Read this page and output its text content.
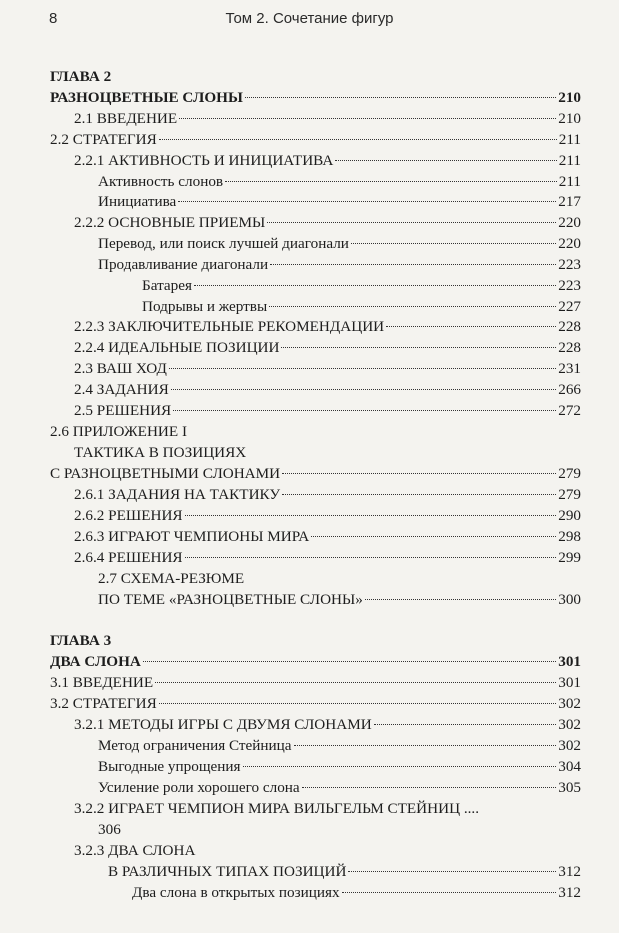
8	Том 2. Сочетание фигур
ГЛАВА 2
РАЗНОЦВЕТНЫЕ СЛОНЫ	210
2.1 ВВЕДЕНИЕ	210
2.2 СТРАТЕГИЯ	211
2.2.1 АКТИВНОСТЬ И ИНИЦИАТИВА	211
Активность слонов	211
Инициатива	217
2.2.2 ОСНОВНЫЕ ПРИЕМЫ	220
Перевод, или поиск лучшей диагонали	220
Продавливание диагонали	223
Батарея	223
Подрывы и жертвы	227
2.2.3 ЗАКЛЮЧИТЕЛЬНЫЕ РЕКОМЕНДАЦИИ	228
2.2.4 ИДЕАЛЬНЫЕ ПОЗИЦИИ	228
2.3 ВАШ ХОД	231
2.4 ЗАДАНИЯ	266
2.5 РЕШЕНИЯ	272
2.6 ПРИЛОЖЕНИЕ I
ТАКТИКА В ПОЗИЦИЯХ
С РАЗНОЦВЕТНЫМИ СЛОНАМИ	279
2.6.1 ЗАДАНИЯ НА ТАКТИКУ	279
2.6.2 РЕШЕНИЯ	290
2.6.3 ИГРАЮТ ЧЕМПИОНЫ МИРА	298
2.6.4 РЕШЕНИЯ	299
2.7 СХЕМА-РЕЗЮМЕ
ПО ТЕМЕ «РАЗНОЦВЕТНЫЕ СЛОНЫ»	300
ГЛАВА 3
ДВА СЛОНА	301
3.1 ВВЕДЕНИЕ	301
3.2 СТРАТЕГИЯ	302
3.2.1 МЕТОДЫ ИГРЫ С ДВУМЯ СЛОНАМИ	302
Метод ограничения Стейница	302
Выгодные упрощения	304
Усиление роли хорошего слона	305
3.2.2 ИГРАЕТ ЧЕМПИОН МИРА ВИЛЬГЕЛЬМ СТЕЙНИЦ ....
306
3.2.3 ДВА СЛОНА
В РАЗЛИЧНЫХ ТИПАХ ПОЗИЦИЙ	312
Два слона в открытых позициях	312
